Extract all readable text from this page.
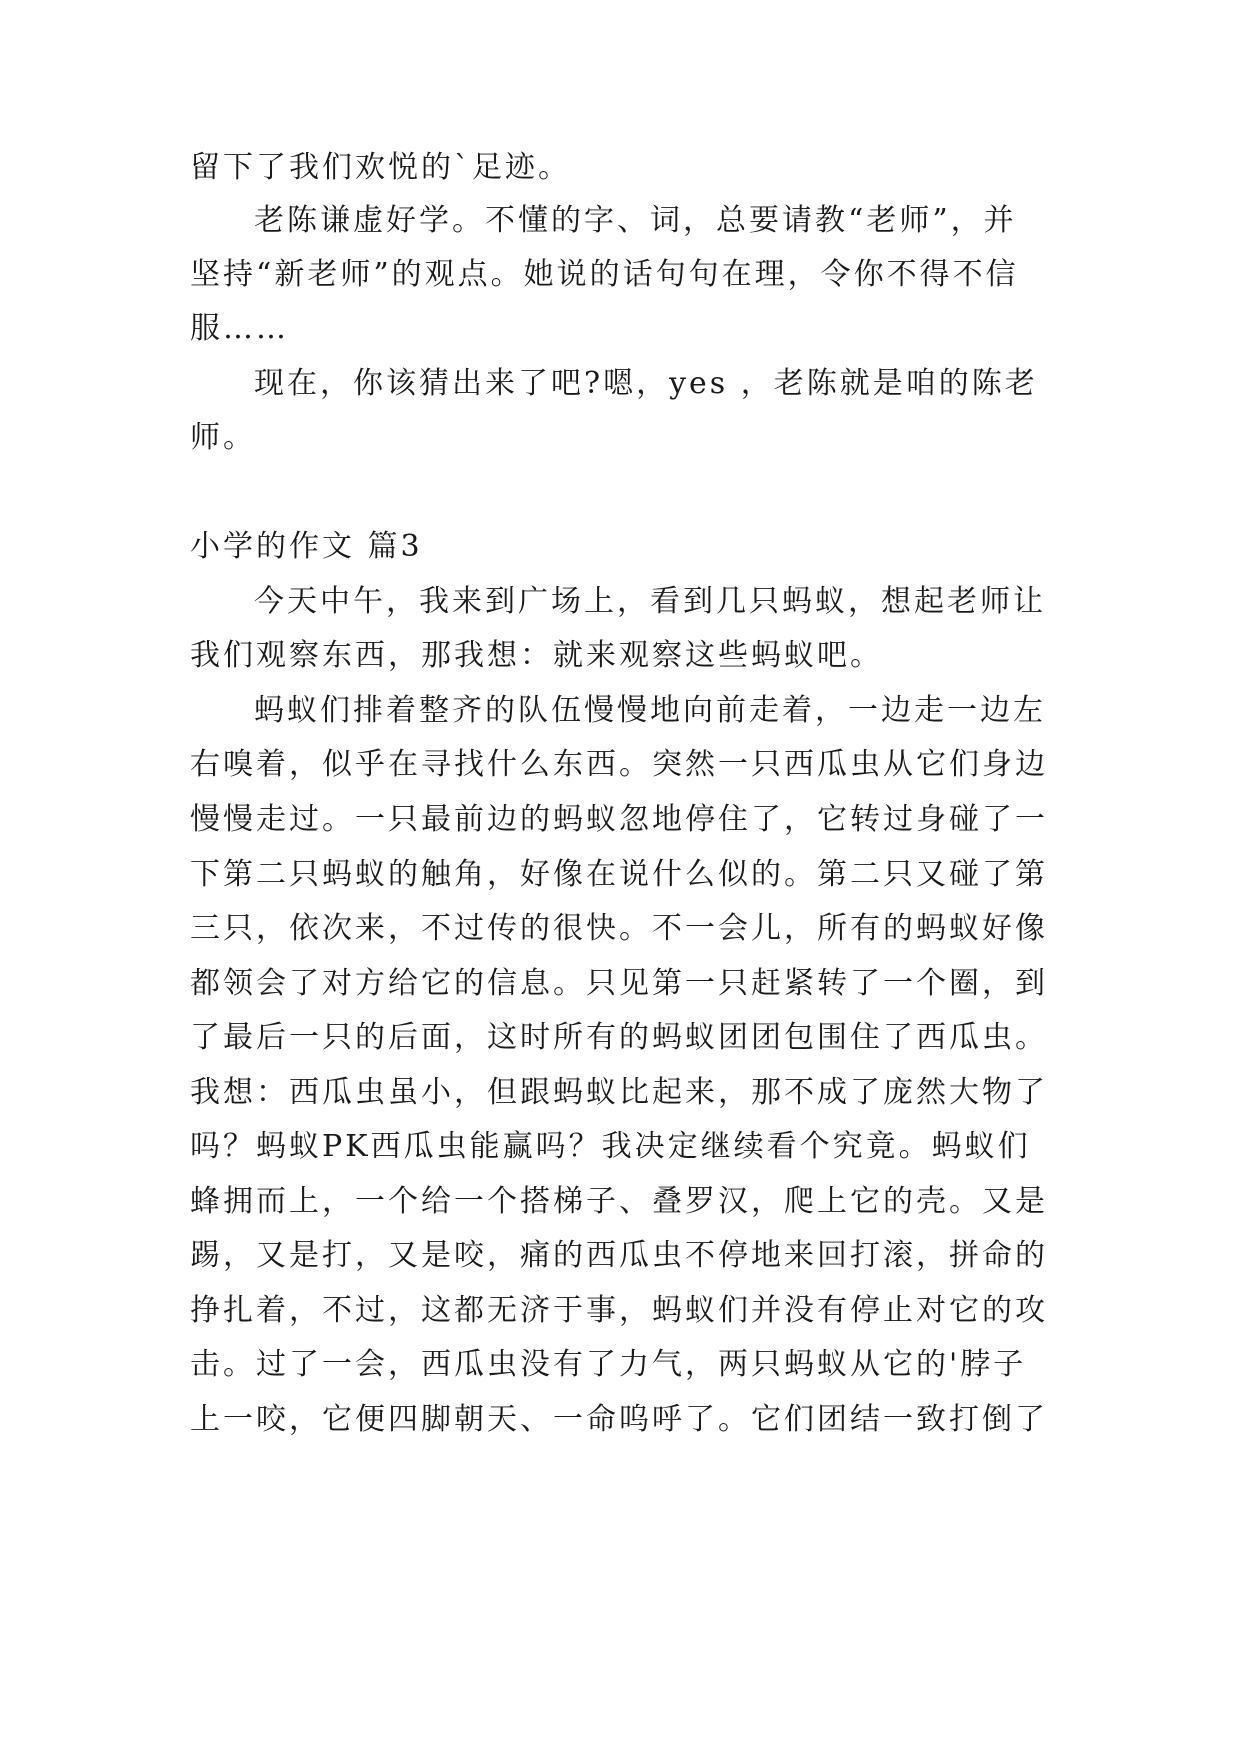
留下了我们欢悦的`足迹。
老陈谦虚好学。不懂的字、词，总要请教“老师”，并
坚持“新老师”的观点。她说的话句句在理，令你不得不信
服……
现在，你该猜出来了吧?嗯，yes ，老陈就是咱的陈老
师。
小学的作文 篇3
今天中午，我来到广场上，看到几只蚂蚁，想起老师让
我们观察东西，那我想：就来观察这些蚂蚁吧。
蚂蚁们排着整齐的队伍慢慢地向前走着，一边走一边左
右嗅着，似乎在寻找什么东西。突然一只西瓜虫从它们身边
慢慢走过。一只最前边的蚂蚁忽地停住了，它转过身碰了一
下第二只蚂蚁的触角，好像在说什么似的。第二只又碰了第
三只，依次来，不过传的很快。不一会儿，所有的蚂蚁好像
都领会了对方给它的信息。只见第一只赶紧转了一个圈，到
了最后一只的后面，这时所有的蚂蚁团团包围住了西瓜虫。
我想：西瓜虫虽小，但跟蚂蚁比起来，那不成了庞然大物了
吗？蚂蚁PK西瓜虫能赢吗？我决定继续看个究竟。蚂蚁们
蜂拥而上，一个给一个搭梯子、叠罗汉，爬上它的壳。又是
踢，又是打，又是咬，痛的西瓜虫不停地来回打滚，拼命的
挣扎着，不过，这都无济于事，蚂蚁们并没有停止对它的攻
击。过了一会，西瓜虫没有了力气，两只蚂蚁从它的'脖子
上一咬，它便四脚朝天、一命呜呼了。它们团结一致打倒了
